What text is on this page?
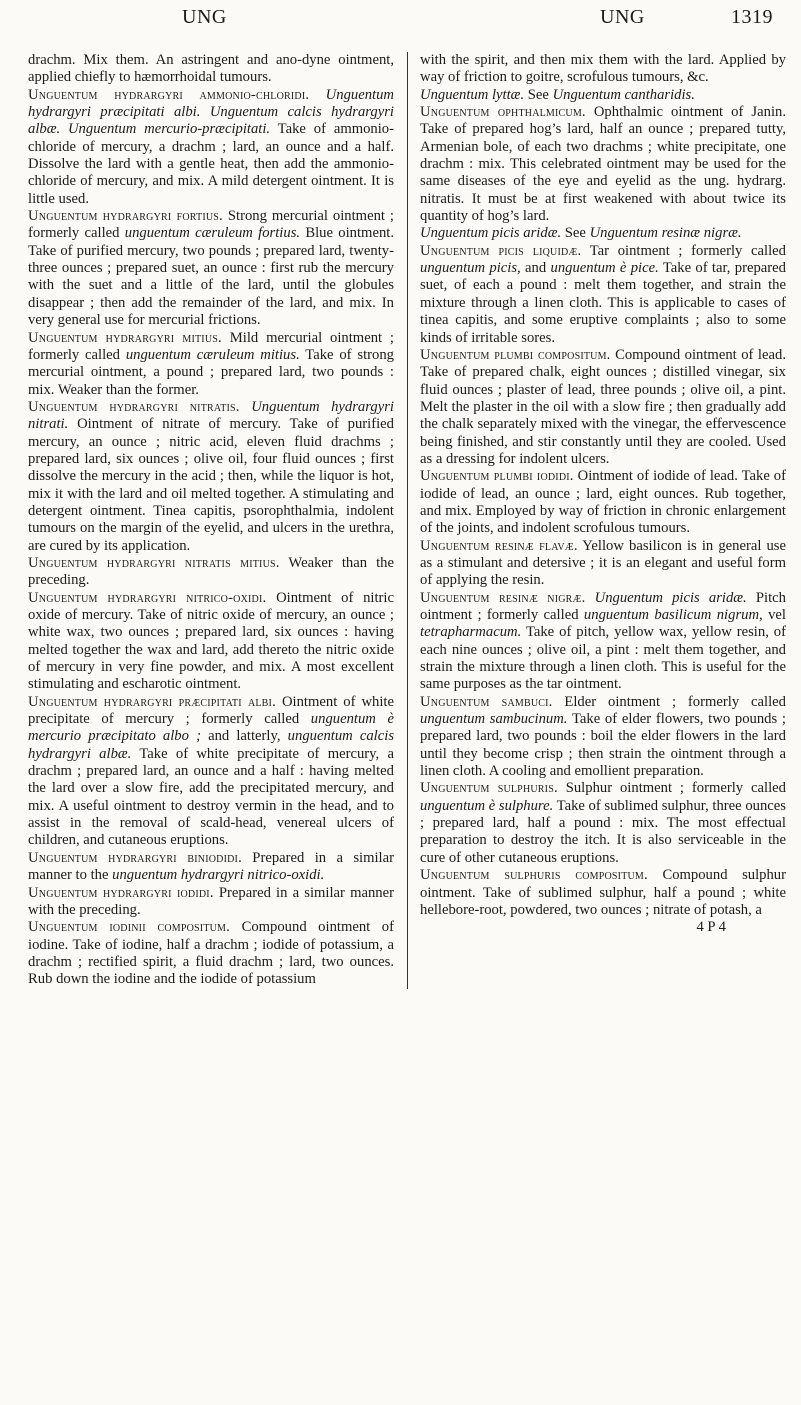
UNG	UNG	1319

drachm. Mix them. An astringent and ano-dyne ointment, applied chiefly to hæmorrhoidal tumours.

Unguentum hydrargyri ammonio-chloridi. Unguentum hydrargyri præcipitati albi. Unguentum calcis hydrargyri albæ. Unguentum mercurio-præcipitati. Take of ammonio-chloride of mercury, a drachm ; lard, an ounce and a half. Dissolve the lard with a gentle heat, then add the ammonio-chloride of mercury, and mix. A mild detergent ointment. It is little used.

Unguentum hydrargyri fortius. Strong mercurial ointment ; formerly called unguentum cæruleum fortius. Blue ointment. Take of purified mercury, two pounds ; prepared lard, twenty-three ounces ; prepared suet, an ounce : first rub the mercury with the suet and a little of the lard, until the globules disappear ; then add the remainder of the lard, and mix. In very general use for mercurial frictions.

Unguentum hydrargyri mitius. Mild mercurial ointment ; formerly called unguentum cæruleum mitius. Take of strong mercurial ointment, a pound ; prepared lard, two pounds : mix. Weaker than the former.

Unguentum hydrargyri nitratis. Unguentum hydrargyri nitrati. Ointment of nitrate of mercury. Take of purified mercury, an ounce ; nitric acid, eleven fluid drachms ; prepared lard, six ounces ; olive oil, four fluid ounces ; first dissolve the mercury in the acid ; then, while the liquor is hot, mix it with the lard and oil melted together. A stimulating and detergent ointment. Tinea capitis, psorophthalmia, indolent tumours on the margin of the eyelid, and ulcers in the urethra, are cured by its application.

Unguentum hydrargyri nitratis mitius. Weaker than the preceding.

Unguentum hydrargyri nitrico-oxidi. Ointment of nitric oxide of mercury. Take of nitric oxide of mercury, an ounce ; white wax, two ounces ; prepared lard, six ounces : having melted together the wax and lard, add thereto the nitric oxide of mercury in very fine powder, and mix. A most excellent stimulating and escharotic ointment.

Unguentum hydrargyri præcipitati albi. Ointment of white precipitate of mercury ; formerly called unguentum è mercurio præcipitato albo ; and latterly, unguentum calcis hydrargyri albæ. Take of white precipitate of mercury, a drachm ; prepared lard, an ounce and a half : having melted the lard over a slow fire, add the precipitated mercury, and mix. A useful ointment to destroy vermin in the head, and to assist in the removal of scald-head, venereal ulcers of children, and cutaneous eruptions.

Unguentum hydrargyri biniodidi. Prepared in a similar manner to the unguentum hydrargyri nitrico-oxidi.

Unguentum hydrargyri iodidi. Prepared in a similar manner with the preceding.

Unguentum iodinii compositum. Compound ointment of iodine. Take of iodine, half a drachm ; iodide of potassium, a drachm ; rectified spirit, a fluid drachm ; lard, two ounces. Rub down the iodine and the iodide of potassium

with the spirit, and then mix them with the lard. Applied by way of friction to goitre, scrofulous tumours, &c.

Unguentum lyttæ. See Unguentum cantharidis.

Unguentum ophthalmicum. Ophthalmic ointment of Janin. Take of prepared hog’s lard, half an ounce ; prepared tutty, Armenian bole, of each two drachms ; white precipitate, one drachm : mix. This celebrated ointment may be used for the same diseases of the eye and eyelid as the ung. hydrarg. nitratis. It must be at first weakened with about twice its quantity of hog’s lard.

Unguentum picis aridæ. See Unguentum resinæ nigræ.

Unguentum picis liquidæ. Tar ointment ; formerly called unguentum picis, and unguentum è pice. Take of tar, prepared suet, of each a pound : melt them together, and strain the mixture through a linen cloth. This is applicable to cases of tinea capitis, and some eruptive complaints ; also to some kinds of irritable sores.

Unguentum plumbi compositum. Compound ointment of lead. Take of prepared chalk, eight ounces ; distilled vinegar, six fluid ounces ; plaster of lead, three pounds ; olive oil, a pint. Melt the plaster in the oil with a slow fire ; then gradually add the chalk separately mixed with the vinegar, the effervescence being finished, and stir constantly until they are cooled. Used as a dressing for indolent ulcers.

Unguentum plumbi iodidi. Ointment of iodide of lead. Take of iodide of lead, an ounce ; lard, eight ounces. Rub together, and mix. Employed by way of friction in chronic enlargement of the joints, and indolent scrofulous tumours.

Unguentum resinæ flavæ. Yellow basilicon is in general use as a stimulant and detersive ; it is an elegant and useful form of applying the resin.

Unguentum resinæ nigræ. Unguentum picis aridæ. Pitch ointment ; formerly called unguentum basilicum nigrum, vel tetrapharmacum. Take of pitch, yellow wax, yellow resin, of each nine ounces ; olive oil, a pint : melt them together, and strain the mixture through a linen cloth. This is useful for the same purposes as the tar ointment.

Unguentum sambuci. Elder ointment ; formerly called unguentum sambucinum. Take of elder flowers, two pounds ; prepared lard, two pounds : boil the elder flowers in the lard until they become crisp ; then strain the ointment through a linen cloth. A cooling and emollient preparation.

Unguentum sulphuris. Sulphur ointment ; formerly called unguentum è sulphure. Take of sublimed sulphur, three ounces ; prepared lard, half a pound : mix. The most effectual preparation to destroy the itch. It is also serviceable in the cure of other cutaneous eruptions.

Unguentum sulphuris compositum. Compound sulphur ointment. Take of sublimed sulphur, half a pound ; white hellebore-root, powdered, two ounces ; nitrate of potash, a

4 P 4
